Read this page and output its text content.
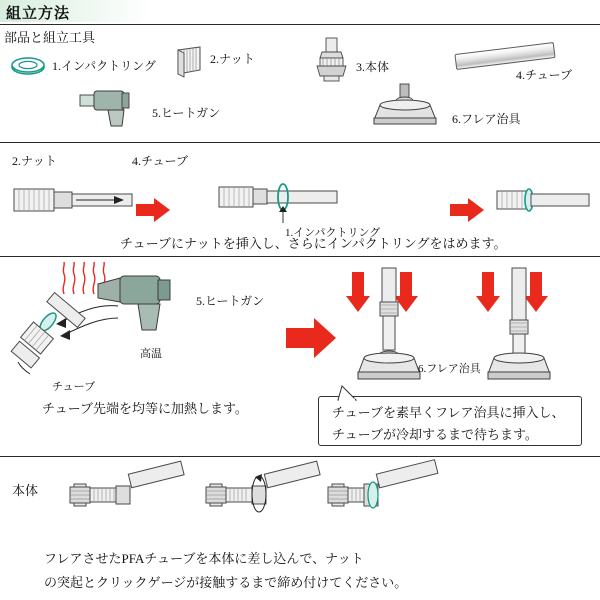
組立方法
部品と組立工具
1.インパクトリング	2.ナット
3.本体
4.チューブ
5.ヒートガン	6.フレア治具
2.ナット	4.チューブ
1.インパクトリング
チューブにナットを挿入し、さらにインパクトリングをはめます。
5.ヒートガン
高温
チューブ
チューブ先端を均等に加熱します。
6.フレア治具
チューブを素早くフレア治具に挿入し、
チューブが冷却するまで待ちます。
本体
フレアさせたPFAチューブを本体に差し込んで、ナット
の突起とクリックゲージが接触するまで締め付けてください。
